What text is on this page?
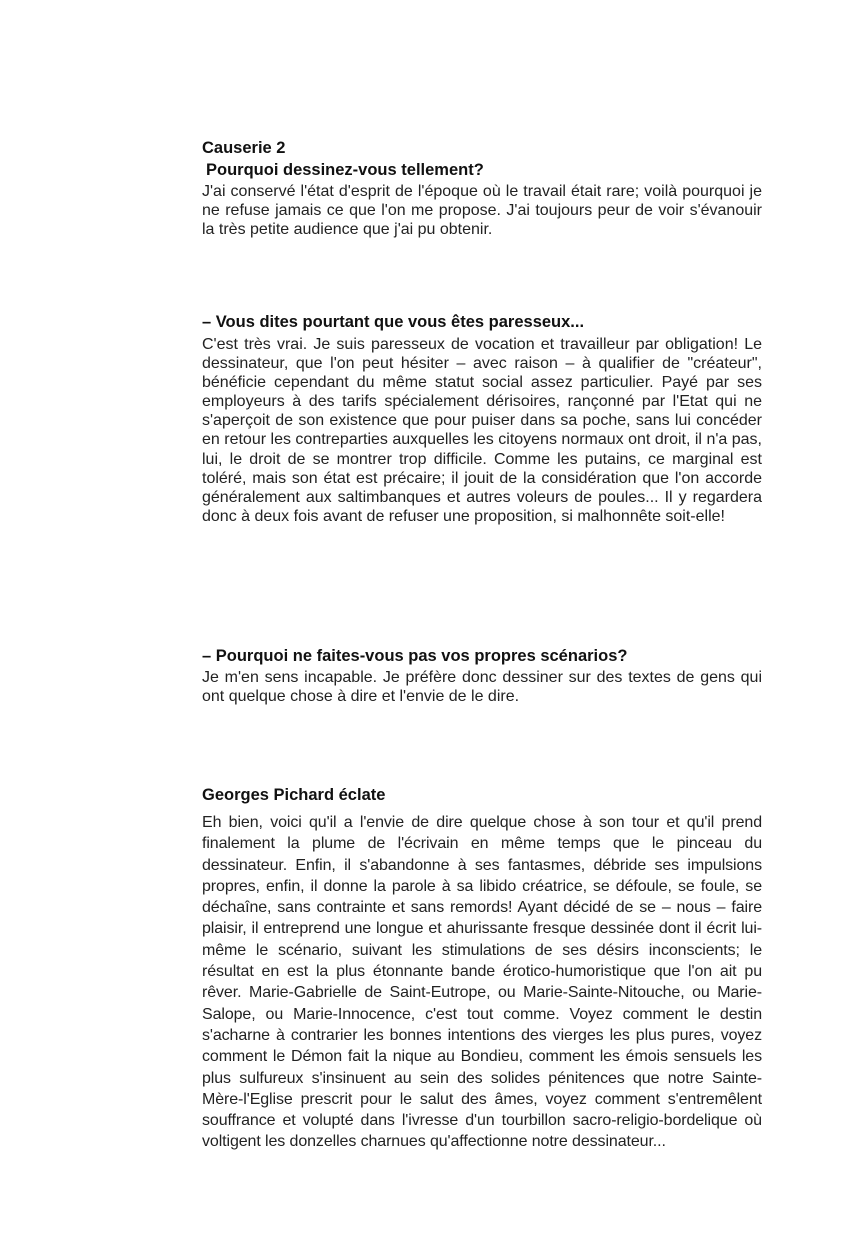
Causerie 2
Pourquoi dessinez-vous tellement?

J'ai conservé l'état d'esprit de l'époque où le travail était rare; voilà pourquoi je ne refuse jamais ce que l'on me propose. J'ai toujours peur de voir s'évanouir la très petite audience que j'ai pu obtenir.

– Vous dites pourtant que vous êtes paresseux...

C'est très vrai. Je suis paresseux de vocation et travailleur par obligation! Le dessinateur, que l'on peut hésiter – avec raison – à qualifier de "créateur", bénéficie cependant du même statut social assez particulier. Payé par ses employeurs à des tarifs spécialement dérisoires, rançonné par l'Etat qui ne s'aperçoit de son existence que pour puiser dans sa poche, sans lui concéder en retour les contreparties auxquelles les citoyens normaux ont droit, il n'a pas, lui, le droit de se montrer trop difficile. Comme les putains, ce marginal est toléré, mais son état est précaire; il jouit de la considération que l'on accorde généralement aux saltimbanques et autres voleurs de poules... Il y regardera donc à deux fois avant de refuser une proposition, si malhonnête soit-elle!

– Pourquoi ne faites-vous pas vos propres scénarios?

Je m'en sens incapable. Je préfère donc dessiner sur des textes de gens qui ont quelque chose à dire et l'envie de le dire.

Georges Pichard éclate

Eh bien, voici qu'il a l'envie de dire quelque chose à son tour et qu'il prend finalement la plume de l'écrivain en même temps que le pinceau du dessinateur. Enfin, il s'abandonne à ses fantasmes, débride ses impulsions propres, enfin, il donne la parole à sa libido créatrice, se défoule, se foule, se déchaîne, sans contrainte et sans remords! Ayant décidé de se – nous – faire plaisir, il entreprend une longue et ahurissante fresque dessinée dont il écrit lui-même le scénario, suivant les stimulations de ses désirs inconscients; le résultat en est la plus étonnante bande érotico-humoristique que l'on ait pu rêver. Marie-Gabrielle de Saint-Eutrope, ou Marie-Sainte-Nitouche, ou Marie-Salope, ou Marie-Innocence, c'est tout comme. Voyez comment le destin s'acharne à contrarier les bonnes intentions des vierges les plus pures, voyez comment le Démon fait la nique au Bondieu, comment les émois sensuels les plus sulfureux s'insinuent au sein des solides pénitences que notre Sainte-Mère-l'Eglise prescrit pour le salut des âmes, voyez comment s'entremêlent souffrance et volupté dans l'ivresse d'un tourbillon sacro-religio-bordelique où voltigent les donzelles charnues qu'affectionne notre dessinateur...
